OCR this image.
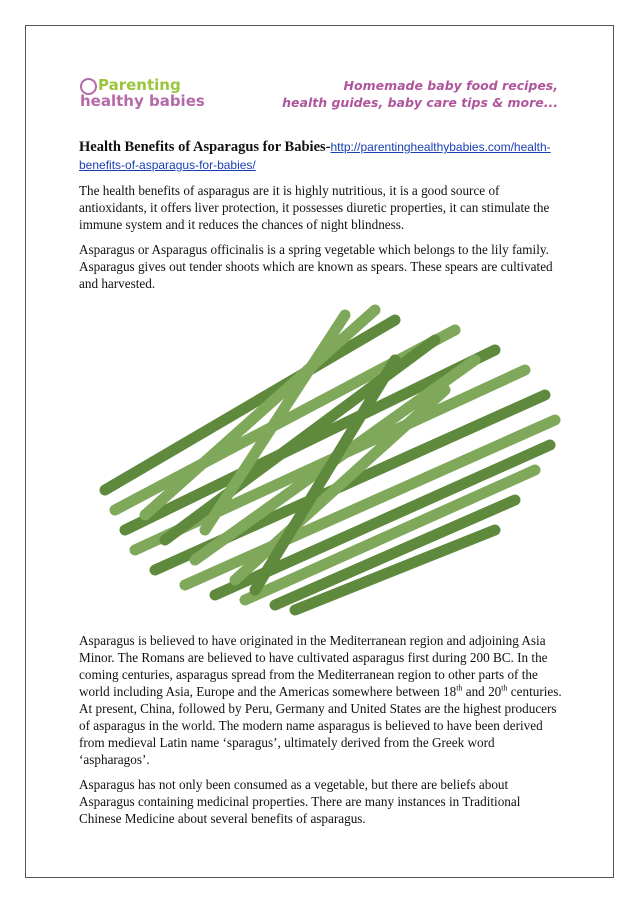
Parenting
healthy babies
Homemade baby food recipes,
health guides, baby care tips & more...

Health Benefits of Asparagus for Babies-http://parentinghealthybabies.com/health-benefits-of-asparagus-for-babies/

The health benefits of asparagus are it is highly nutritious, it is a good source of antioxidants, it offers liver protection, it possesses diuretic properties, it can stimulate the immune system and it reduces the chances of night blindness.

Asparagus or Asparagus officinalis is a spring vegetable which belongs to the lily family. Asparagus gives out tender shoots which are known as spears. These spears are cultivated and harvested.

Asparagus is believed to have originated in the Mediterranean region and adjoining Asia Minor. The Romans are believed to have cultivated asparagus first during 200 BC. In the coming centuries, asparagus spread from the Mediterranean region to other parts of the world including Asia, Europe and the Americas somewhere between 18th and 20th centuries. At present, China, followed by Peru, Germany and United States are the highest producers of asparagus in the world. The modern name asparagus is believed to have been derived from medieval Latin name ‘sparagus’, ultimately derived from the Greek word ‘aspharagos’.

Asparagus has not only been consumed as a vegetable, but there are beliefs about Asparagus containing medicinal properties. There are many instances in Traditional Chinese Medicine about several benefits of asparagus.
